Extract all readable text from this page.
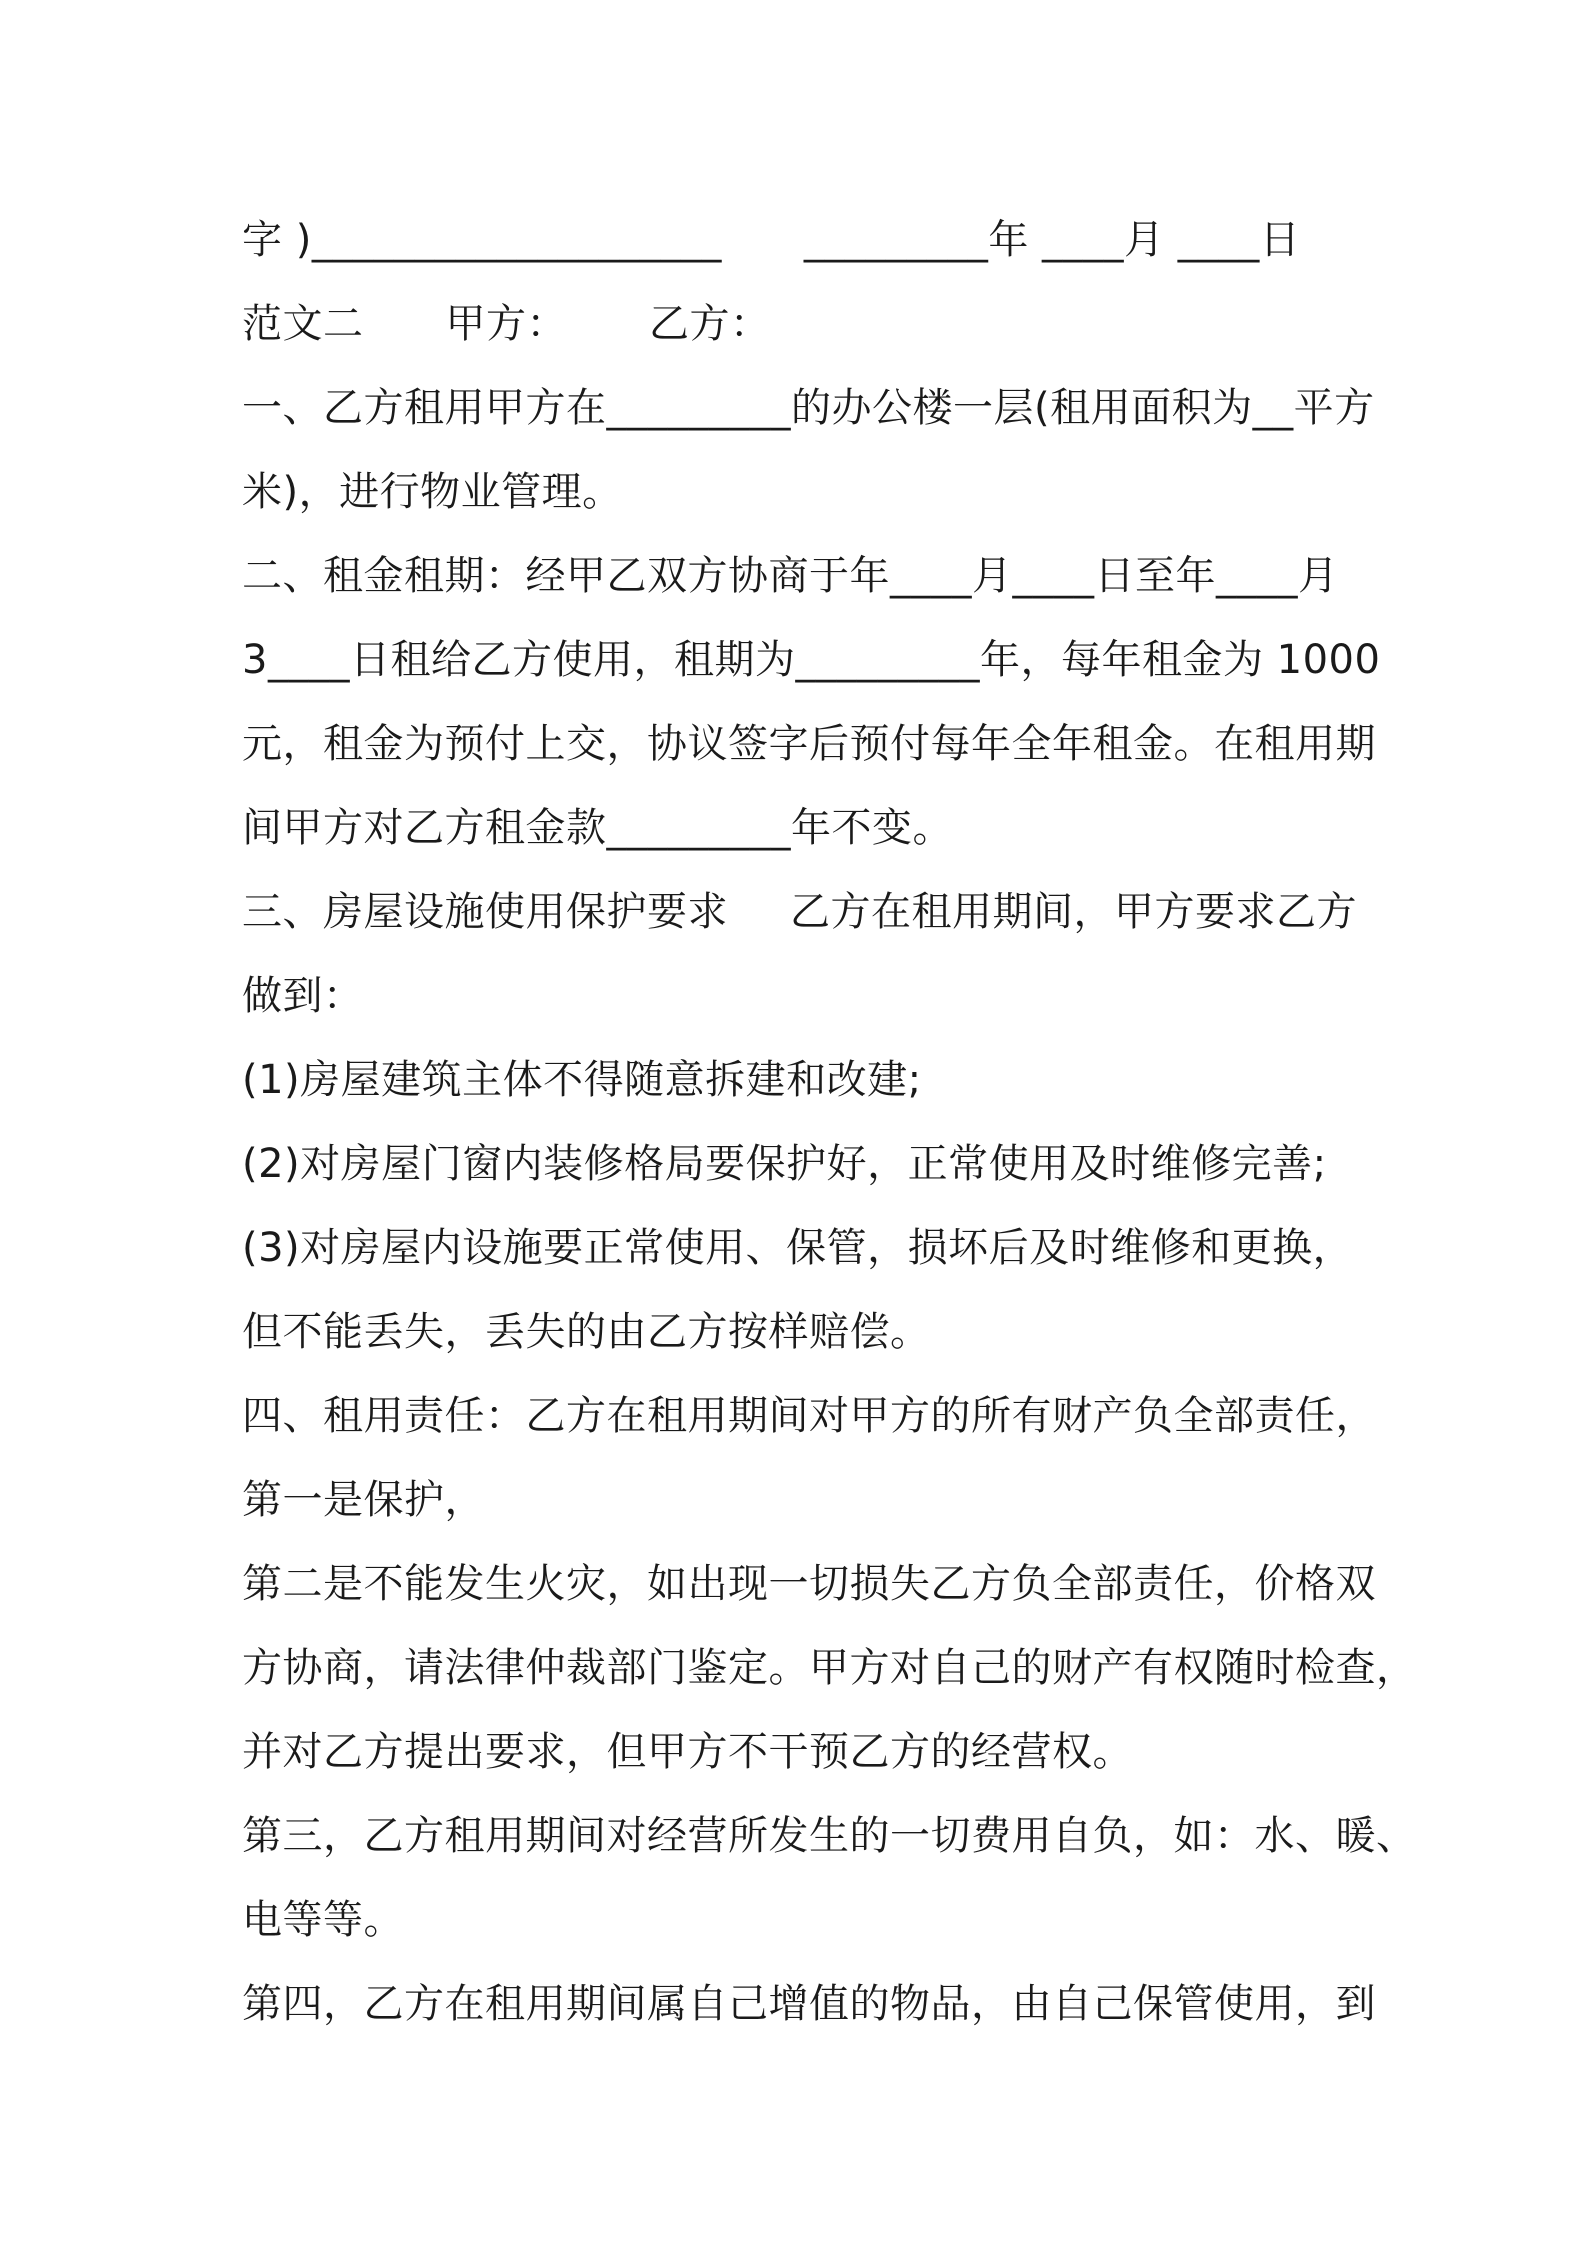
字 )____________________ _________年 ____月 ____日
范文二 甲方： 乙方：
一、乙方租用甲方在_________的办公楼一层(租用面积为__平方
米)，进行物业管理。
二、租金租期：经甲乙双方协商于年____月____日至年____月
3____日租给乙方使用，租期为_________年，每年租金为 1000
元，租金为预付上交，协议签字后预付每年全年租金。在租用期
间甲方对乙方租金款_________年不变。
三、房屋设施使用保护要求 乙方在租用期间，甲方要求乙方
做到：
(1)房屋建筑主体不得随意拆建和改建;
(2)对房屋门窗内装修格局要保护好，正常使用及时维修完善;
(3)对房屋内设施要正常使用、保管，损坏后及时维修和更换，
但不能丢失，丢失的由乙方按样赔偿。
四、租用责任：乙方在租用期间对甲方的所有财产负全部责任，
第一是保护，
第二是不能发生火灾，如出现一切损失乙方负全部责任，价格双
方协商，请法律仲裁部门鉴定。甲方对自己的财产有权随时检查，
并对乙方提出要求，但甲方不干预乙方的经营权。
第三，乙方租用期间对经营所发生的一切费用自负，如：水、暖、
电等等。
第四，乙方在租用期间属自己增值的物品，由自己保管使用，到
